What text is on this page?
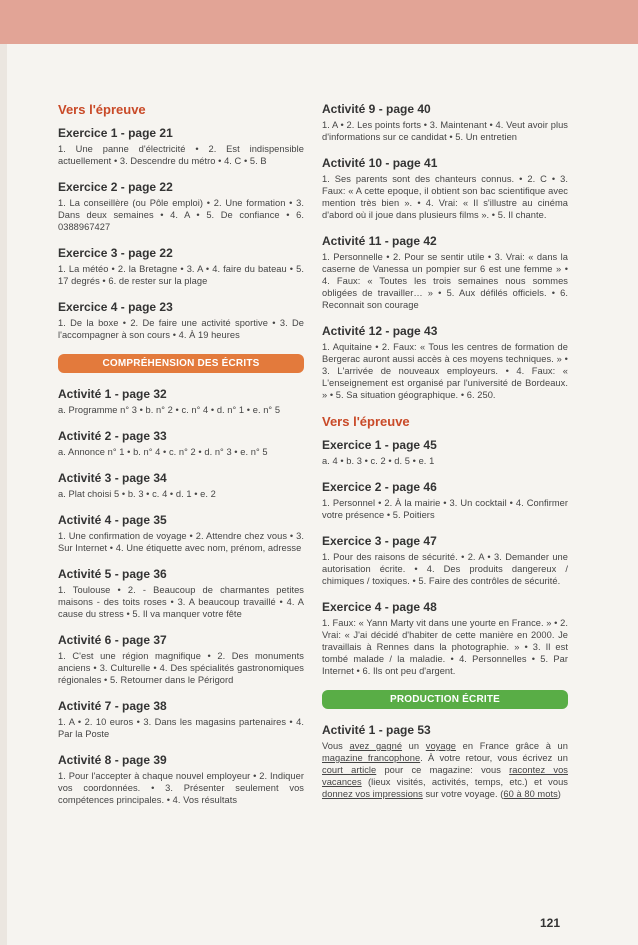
Vers l'épreuve
Exercice 1 - page 21
1. Une panne d'électricité • 2. Est indispensible actuellement • 3. Descendre du métro • 4. C • 5. B
Exercice 2 - page 22
1. La conseillère (ou Pôle emploi) • 2. Une formation • 3. Dans deux semaines • 4. A • 5. De confiance • 6. 0388967427
Exercice 3 - page 22
1. La météo • 2. la Bretagne • 3. A • 4. faire du bateau • 5. 17 degrés • 6. de rester sur la plage
Exercice 4 - page 23
1. De la boxe • 2. De faire une activité sportive • 3. De l'accompagner à son cours • 4. À 19 heures
COMPRÉHENSION DES ÉCRITS
Activité 1 - page 32
a. Programme n° 3 • b. n° 2 • c. n° 4 • d. n° 1 • e. n° 5
Activité 2 - page 33
a. Annonce n° 1 • b. n° 4 • c. n° 2 • d. n° 3 • e. n° 5
Activité 3 - page 34
a. Plat choisi 5 • b. 3 • c. 4 • d. 1 • e. 2
Activité 4 - page 35
1. Une confirmation de voyage • 2. Attendre chez vous • 3. Sur Internet • 4. Une étiquette avec nom, prénom, adresse
Activité 5 - page 36
1. Toulouse • 2. - Beaucoup de charmantes petites maisons - des toits roses • 3. A beaucoup travaillé • 4. A cause du stress • 5. Il va manquer votre fête
Activité 6 - page 37
1. C'est une région magnifique • 2. Des monuments anciens • 3. Culturelle • 4. Des spécialités gastronomiques régionales • 5. Retourner dans le Périgord
Activité 7 - page 38
1. A • 2. 10 euros • 3. Dans les magasins partenaires • 4. Par la Poste
Activité 8 - page 39
1. Pour l'accepter à chaque nouvel employeur • 2. Indiquer vos coordonnées. • 3. Présenter seulement vos compétences principales. • 4. Vos résultats
Activité 9 - page 40
1. A • 2. Les points forts • 3. Maintenant • 4. Veut avoir plus d'informations sur ce candidat • 5. Un entretien
Activité 10 - page 41
1. Ses parents sont des chanteurs connus. • 2. C • 3. Faux: « A cette epoque, il obtient son bac scientifique avec mention très bien ». • 4. Vrai: « Il s'illustre au cinéma d'abord où il joue dans plusieurs films ». • 5. Il chante.
Activité 11 - page 42
1. Personnelle • 2. Pour se sentir utile • 3. Vrai: « dans la caserne de Vanessa un pompier sur 6 est une femme » • 4. Faux: « Toutes les trois semaines nous sommes obligées de travailler… » • 5. Aux défilés officiels. • 6. Reconnait son courage
Activité 12 - page 43
1. Aquitaine • 2. Faux: « Tous les centres de formation de Bergerac auront aussi accès à ces moyens techniques. » • 3. L'arrivée de nouveaux employeurs. • 4. Faux: « L'enseignement est organisé par l'université de Bordeaux. » • 5. Sa situation géographique. • 6. 250.
Vers l'épreuve
Exercice 1 - page 45
a. 4 • b. 3 • c. 2 • d. 5 • e. 1
Exercice 2 - page 46
1. Personnel • 2. À la mairie • 3. Un cocktail • 4. Confirmer votre présence • 5. Poitiers
Exercice 3 - page 47
1. Pour des raisons de sécurité. • 2. A • 3. Demander une autorisation écrite. • 4. Des produits dangereux / chimiques / toxiques. • 5. Faire des contrôles de sécurité.
Exercice 4 - page 48
1. Faux: « Yann Marty vit dans une yourte en France. » • 2. Vrai: « J'ai décidé d'habiter de cette manière en 2000. Je travaillais à Rennes dans la photographie. » • 3. Il est tombé malade / la maladie. • 4. Personnelles • 5. Par Internet • 6. Ils ont peu d'argent.
PRODUCTION ÉCRITE
Activité 1 - page 53
Vous avez gagné un voyage en France grâce à un magazine francophone. À votre retour, vous écrivez un court article pour ce magazine: vous racontez vos vacances (lieux visités, activités, temps, etc.) et vous donnez vos impressions sur votre voyage. (60 à 80 mots)
121
